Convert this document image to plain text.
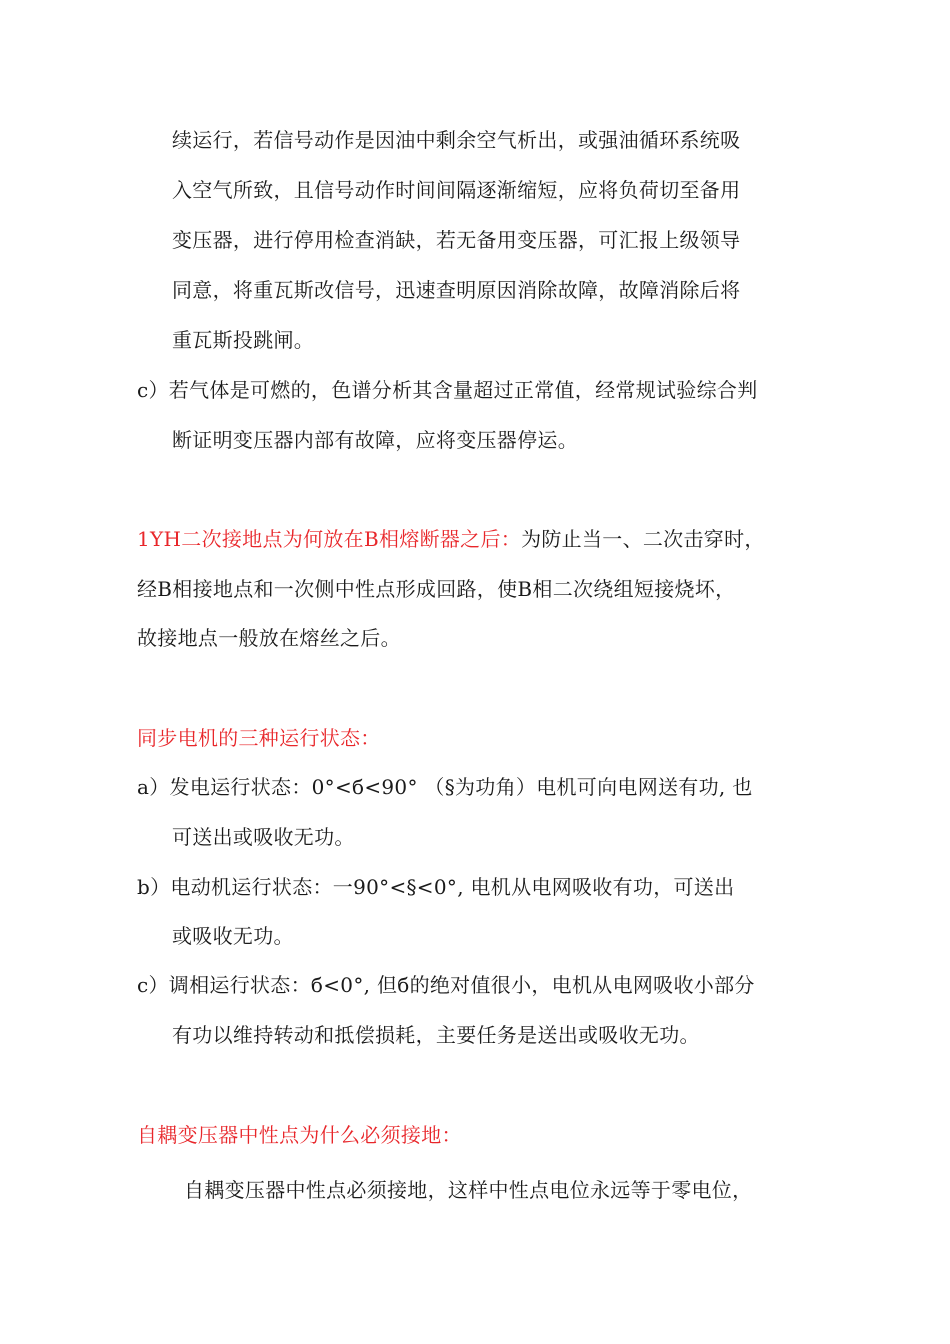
续运行，若信号动作是因油中剩余空气析出，或强油循环系统吸
入空气所致，且信号动作时间间隔逐渐缩短，应将负荷切至备用
变压器，进行停用检查消缺，若无备用变压器，可汇报上级领导
同意，将重瓦斯改信号，迅速查明原因消除故障，故障消除后将
重瓦斯投跳闸。
c）若气体是可燃的，色谱分析其含量超过正常值，经常规试验综合判
断证明变压器内部有故障，应将变压器停运。
1YH二次接地点为何放在B相熔断器之后：为防止当一、二次击穿时，
经B相接地点和一次侧中性点形成回路，使B相二次绕组短接烧坏，
故接地点一般放在熔丝之后。
同步电机的三种运行状态：
a）发电运行状态：0°<б<90° （§为功角）电机可向电网送有功, 也
可送出或吸收无功。
b）电动机运行状态：一90°<§<0°, 电机从电网吸收有功，可送出
或吸收无功。
c）调相运行状态：б<0°, 但б的绝对值很小，电机从电网吸收小部分
有功以维持转动和抵偿损耗，主要任务是送出或吸收无功。
自耦变压器中性点为什么必须接地：
自耦变压器中性点必须接地，这样中性点电位永远等于零电位，
